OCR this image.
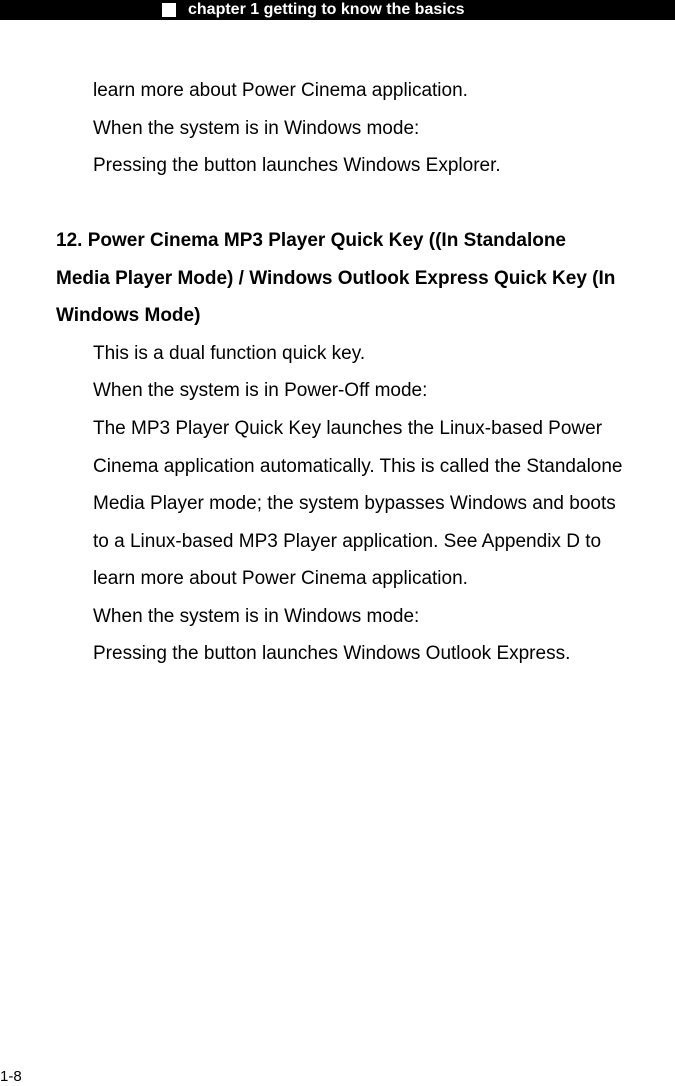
chapter 1 getting to know the basics
learn more about Power Cinema application.
When the system is in Windows mode:
Pressing the button launches Windows Explorer.
12. Power Cinema MP3 Player Quick Key ((In Standalone
Media Player Mode) / Windows Outlook Express Quick Key (In
Windows Mode)
This is a dual function quick key.
When the system is in Power-Off mode:
The MP3 Player Quick Key launches the Linux-based Power
Cinema application automatically. This is called the Standalone
Media Player mode; the system bypasses Windows and boots
to a Linux-based MP3 Player application. See Appendix D to
learn more about Power Cinema application.
When the system is in Windows mode:
Pressing the button launches Windows Outlook Express.
1-8
